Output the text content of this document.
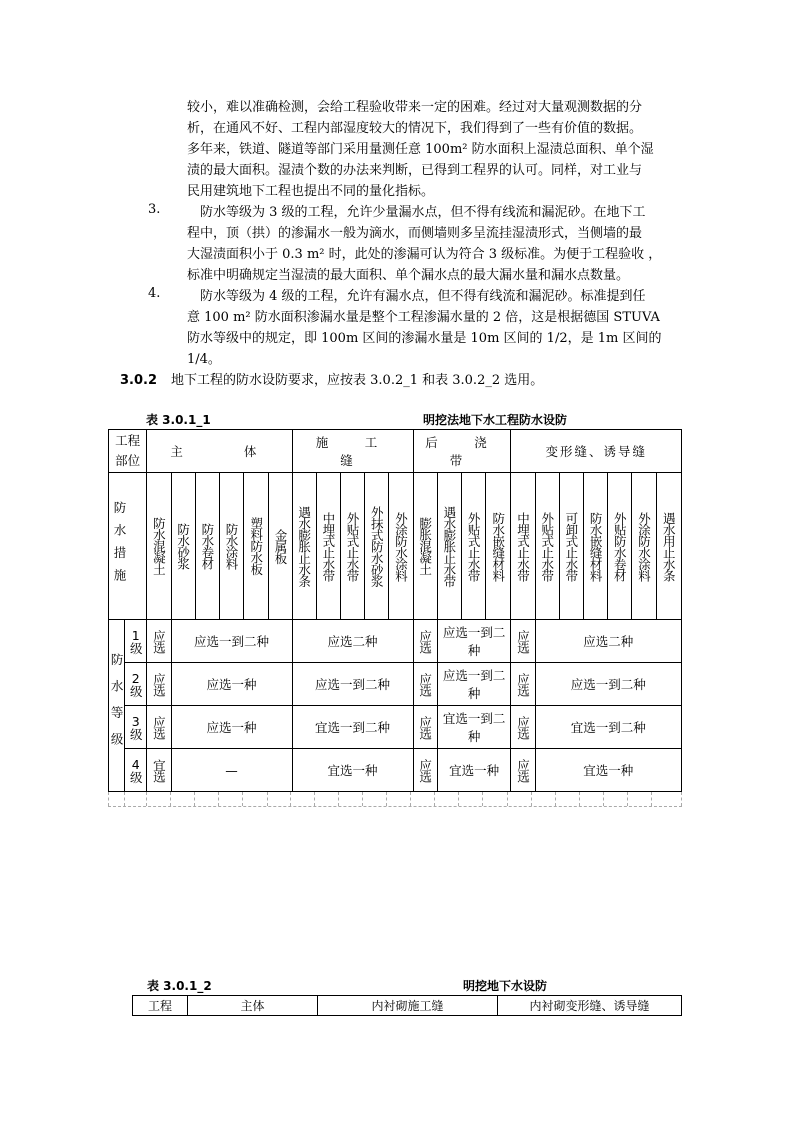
较小，难以准确检测，会给工程验收带来一定的困难。经过对大量观测数据的分
析，在通风不好、工程内部湿度较大的情况下，我们得到了一些有价值的数据。
多年来，铁道、隧道等部门采用量测任意 100m² 防水面积上湿渍总面积、单个湿
渍的最大面积。湿渍个数的办法来判断，已得到工程界的认可。同样，对工业与
民用建筑地下工程也提出不同的量化指标。
3. 　防水等级为 3 级的工程，允许少量漏水点，但不得有线流和漏泥砂。在地下工
程中，顶（拱）的渗漏水一般为滴水，而侧墙则多呈流挂湿渍形式，当侧墙的最
大湿渍面积小于 0.3 m² 时，此处的渗漏可认为符合 3 级标准。为便于工程验收 ，
标准中明确规定当湿渍的最大面积、单个漏水点的最大漏水量和漏水点数量。
4. 　防水等级为 4 级的工程，允许有漏水点，但不得有线流和漏泥砂。标准提到任
意 100 m² 防水面积渗漏水量是整个工程渗漏水量的 2 倍，这是根据德国 STUVA
防水等级中的规定，即 100m 区间的渗漏水量是 10m 区间的 1/2，是 1m 区间的
1/4。
3.0.2 地下工程的防水设防要求，应按表 3.0.2_1 和表 3.0.2_2 选用。
表 3.0.1_1	明挖法地下水工程防水设防
工程部位		主　　体						施　工　缝					后　浇　带				变形缝、诱导缝						

防水措施		防水混凝土	防水砂浆	防水卷材	防水涂料	塑料防水板	金属板	遇水膨胀止水条	中埋式止水带	外贴式止水带	外抹式防水砂浆	外涂防水涂料	膨胀混凝土	遇水膨胀止水带	外贴式止水带	防水嵌缝材料	中埋式止水带	外贴式止水带	可卸式止水带	防水嵌缝材料	外贴防水卷材	外涂防水涂料	遇水用止水条

防水等级	1级	应选	应选一到二种					应选二种					应选	应选一到二种			应选	应选二种					

	2级	应选	应选一种					应选一到二种					应选	应选一到二种			应选	应选一到二种					

	3级	应选	应选一种					宜选一到二种					应选	宜选一到二种			应选	宜选一到二种					

	4级	宜选	—					宜选一种					应选	宜选一种			应选	宜选一种					
表 3.0.1_2	明挖地下水设防
工程	主体	内衬砌施工缝	内衬砌变形缝、诱导缝
